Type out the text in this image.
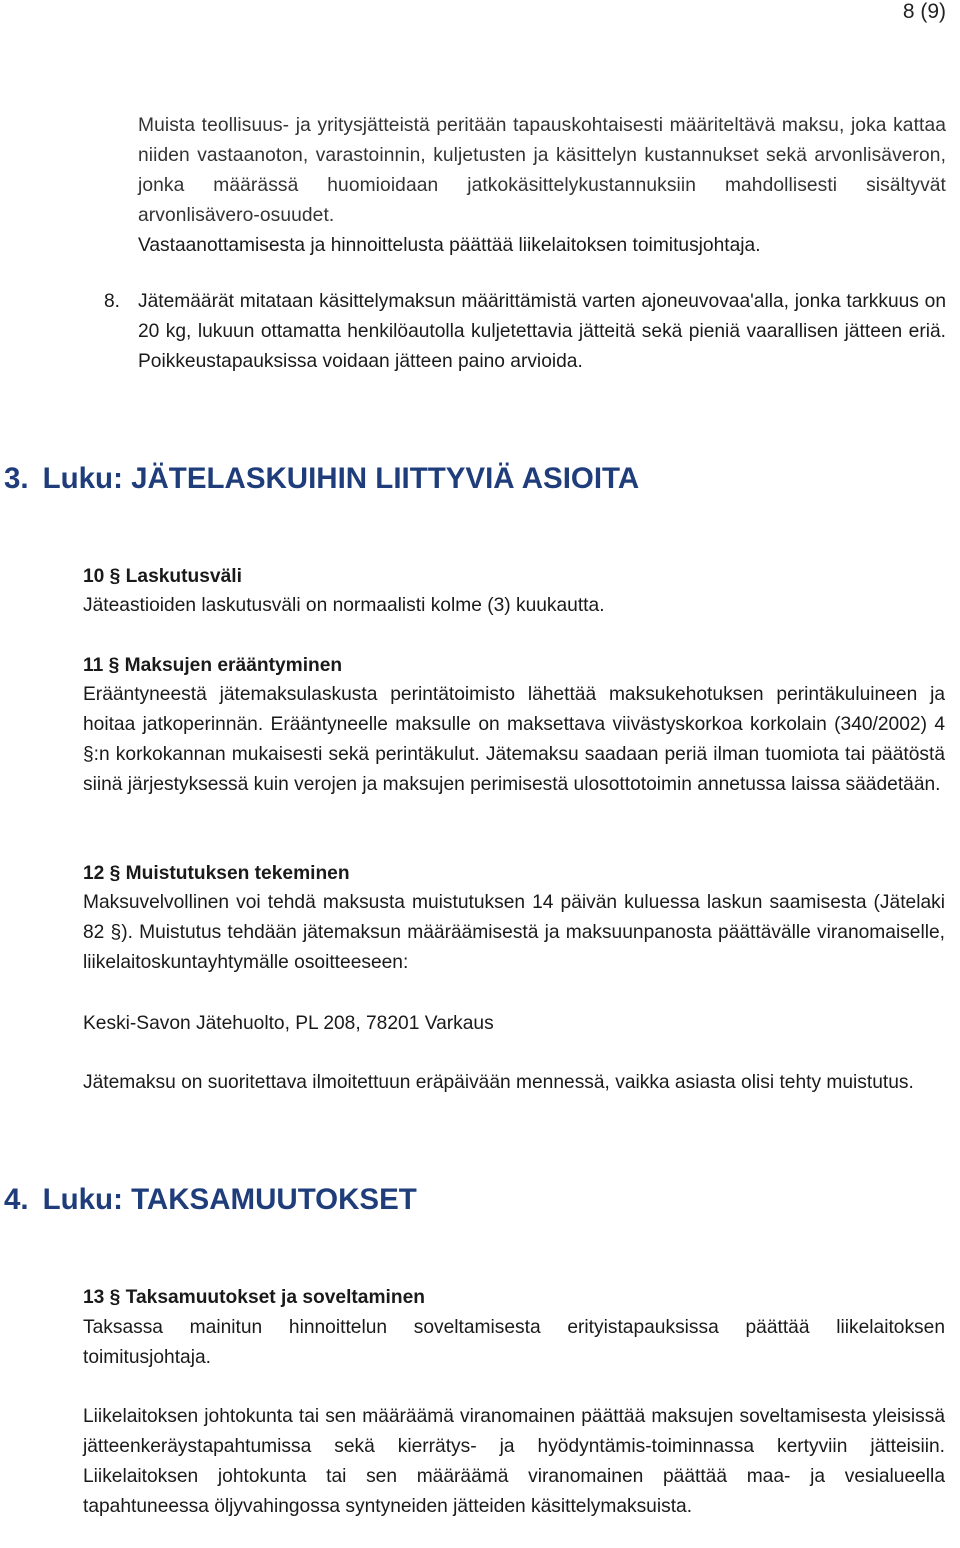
8 (9)
Muista teollisuus- ja yritysjätteistä peritään tapauskohtaisesti määriteltävä maksu, joka kattaa niiden vastaanoton, varastoinnin, kuljetusten ja käsittelyn kustannukset sekä arvonlisäveron, jonka määrässä huomioidaan jatkokäsittelykustannuksiin mahdollisesti sisältyvät arvonlisävero-osuudet.
Vastaanottamisesta ja hinnoittelusta päättää liikelaitoksen toimitusjohtaja.
8. Jätemäärät mitataan käsittelymaksun määrittämistä varten ajoneuvovaa'alla, jonka tarkkuus on 20 kg, lukuun ottamatta henkilöautolla kuljetettavia jätteitä sekä pieniä vaarallisen jätteen eriä. Poikkeustapauksissa voidaan jätteen paino arvioida.
3. Luku: JÄTELASKUIHIN LIITTYVIÄ ASIOITA
10 § Laskutusväli
Jäteastioiden laskutusväli on normaalisti kolme (3) kuukautta.
11 § Maksujen erääntyminen
Erääntyneestä jätemaksulaskusta perintätoimisto lähettää maksukehotuksen perintäkuluineen ja hoitaa jatkoperinnän. Erääntyneelle maksulle on maksettava viivästyskorkoa korkolain (340/2002) 4 §:n korkokannan mukaisesti sekä perintäkulut. Jätemaksu saadaan periä ilman tuomiota tai päätöstä siinä järjestyksessä kuin verojen ja maksujen perimisestä ulosottotoimin annetussa laissa säädetään.
12 § Muistutuksen tekeminen
Maksuvelvollinen voi tehdä maksusta muistutuksen 14 päivän kuluessa laskun saamisesta (Jätelaki 82 §). Muistutus tehdään jätemaksun määräämisestä ja maksuunpanosta päättävälle viranomaiselle, liikelaitoskuntayhtymälle osoitteeseen:
Keski-Savon Jätehuolto, PL 208, 78201 Varkaus
Jätemaksu on suoritettava ilmoitettuun eräpäivään mennessä, vaikka asiasta olisi tehty muistutus.
4. Luku: TAKSAMUUTOKSET
13 § Taksamuutokset ja soveltaminen
Taksassa mainitun hinnoittelun soveltamisesta erityistapauksissa päättää liikelaitoksen toimitusjohtaja.
Liikelaitoksen johtokunta tai sen määräämä viranomainen päättää maksujen soveltamisesta yleisissä jätteenkeräystapahtumissa sekä kierrätys- ja hyödyntämis-toiminnassa kertyviin jätteisiin. Liikelaitoksen johtokunta tai sen määräämä viranomainen päättää maa- ja vesialueella tapahtuneessa öljyvahingossa syntyneiden jätteiden käsittelymaksuista.
